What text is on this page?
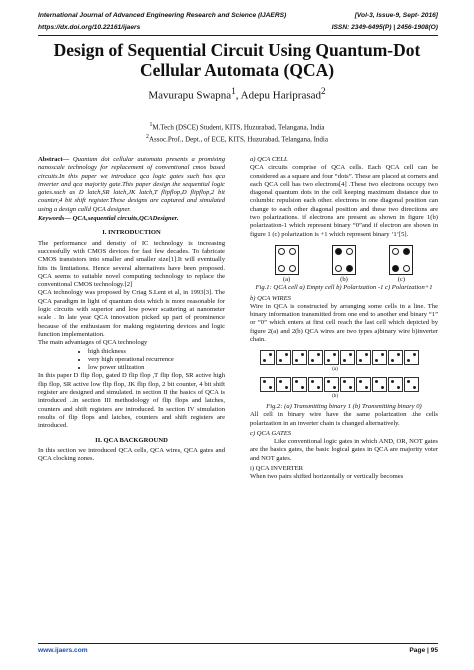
International Journal of Advanced Engineering Research and Science (IJAERS)	[Vol-3, Issue-9, Sept- 2016]
https://dx.doi.org/10.22161/ijaers	ISSN: 2349-6495(P) | 2456-1908(O)
Design of Sequential Circuit Using Quantum-Dot Cellular Automata (QCA)
Mavurapu Swapna$^1$, Adepu Hariprasad$^2$
$^1$M.Tech (DSCE) Student, KITS, Huzurabad, Telangana, India
$^2$Assoc.Prof., Dept., of ECE, KITS, Huzurabad, Telangana, India

Abstract— Quantum dot cellular automata presents a promising nanoscale technology for replacement of conventional cmos based circuits.In this paper we introduce qca logic gates such has qca inverter and qca majority gate.This paper design the sequential logic gates.such as D latch,SR latch,JK latch,T flipflop,D flipflop,2 bit counter,4 bit shift register.These designs are captured and simulated using a design calld QCA designer.

Keywords— QCA,sequential circuits,QCADesigner.

I. INTRODUCTION

The performance and density of IC technology is increasing successfully with CMOS devices for fast few decades. To fabricate CMOS transistors into smaller and smaller size[1].It will eventually hits its limitations. Hence several alternatives have been proposed. QCA seems to suitable novel computing technology to replace the conventional CMOS technology.[2]

QCA technology was proposed by Criag S.Lent et al, in 1993[3]. The QCA paradigm in light of quantum dots which is more reasonable for logic circuits with superior and low power scattering at nanometer scale . In late year QCA innovation picked up part of prominence because of the enthusiasm for making registering devices and logic function implementation.

The main advantages of QCA technology

• high thickness
• very high operational recurrence
• low power utilization

In this paper D flip flop, gated D flip flop ,T flip flop, SR active high flip flop, SR active low flip flop, JK flip flop, 2 bit counter, 4 bit shift register are designed and simulated. in section II the basics of QCA is introduced ..in section III methodology of flip flops and latches, counters and shift registers are introduced. In section IV simulation results of flip flops and latches, counters and shift registers are introduced.

II. QCA BACKGROUND

In this section we introduced QCA cells, QCA wires, QCA gates and QCA clocking zones.

a) QCA CELL

QCA circuits comprise of QCA cells. Each QCA cell can be considered as a square and four “dots”. These are placed at corners and each QCA cell has two electrons[4] .These two electrons occupy two diagonal quantum dots in the cell keeping maximum distance due to columbic repulsion each other. electrons in one diagonal position can change to each other diagonal position and these two directions are two polarizations. if electrons are present as shown in figure 1(b) polarization-1 which represent binary “0”and if electron are shown in figure 1 (c) polarization is +1 which represent binary ‘1’[5].

(a)	(b)	(c)

Fig.1: QCA cell a) Empty cell b) Polarization -1 c) Polarization+1

b) QCA WIRES

Wire in QCA is constructed by arranging some cells in a line. The binary information transmitted from one end to another end binary “1” or “0” which enters at first cell reach the last cell which depicted by figure 2(a) and 2(b) QCA wires are two types a)binary wire b)inverter chain.

(a)
(b)

Fig.2: (a) Transmitting binary 1 (b) Transmitting binary 0)

All cell in binary wire have the same polarization .the cells polarization in an inverter chain is changed alternatively.

c) QCA GATES

Like conventional logic gates in which AND, OR, NOT gates are the basics gates, the basic logical gates in QCA are majority voter and NOT gates.

i) QCA INVERTER

When two pairs shifted horizontally or vertically becomes

www.ijaers.com	Page | 95
